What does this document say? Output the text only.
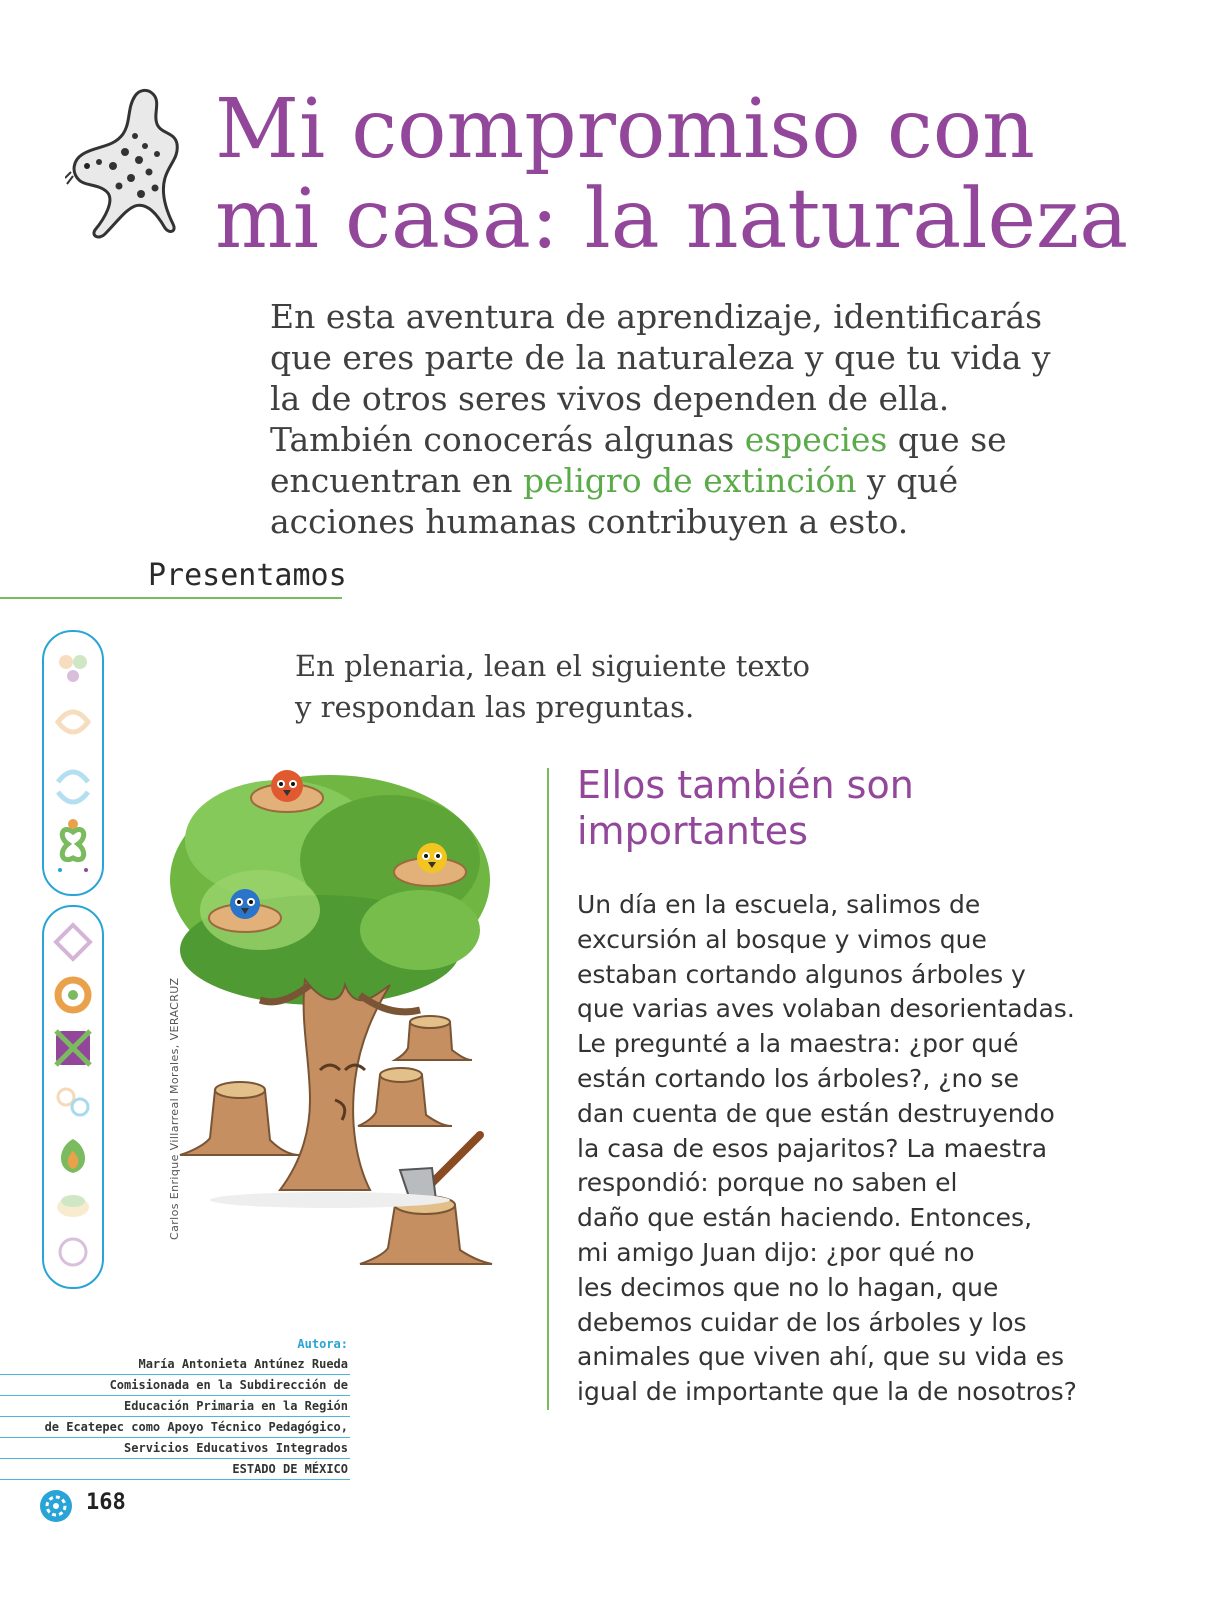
Mi compromiso con
mi casa: la naturaleza

En esta aventura de aprendizaje, identificarás que eres parte de la naturaleza y que tu vida y la de otros seres vivos dependen de ella. También conocerás algunas especies que se encuentran en peligro de extinción y qué acciones humanas contribuyen a esto.

Presentamos

En plenaria, lean el siguiente texto
y respondan las preguntas.

Carlos Enrique Villarreal Morales, VERACRUZ
Ellos también son
importantes

Un día en la escuela, salimos de
excursión al bosque y vimos que
estaban cortando algunos árboles y
que varias aves volaban desorientadas.
Le pregunté a la maestra: ¿por qué
están cortando los árboles?, ¿no se
dan cuenta de que están destruyendo
la casa de esos pajaritos? La maestra
respondió: porque no saben el
daño que están haciendo. Entonces,
mi amigo Juan dijo: ¿por qué no
les decimos que no lo hagan, que
debemos cuidar de los árboles y los
animales que viven ahí, que su vida es
igual de importante que la de nosotros?

Autora:
María Antonieta Antúnez Rueda
Comisionada en la Subdirección de
Educación Primaria en la Región
de Ecatepec como Apoyo Técnico Pedagógico,
Servicios Educativos Integrados
ESTADO DE MÉXICO
168
